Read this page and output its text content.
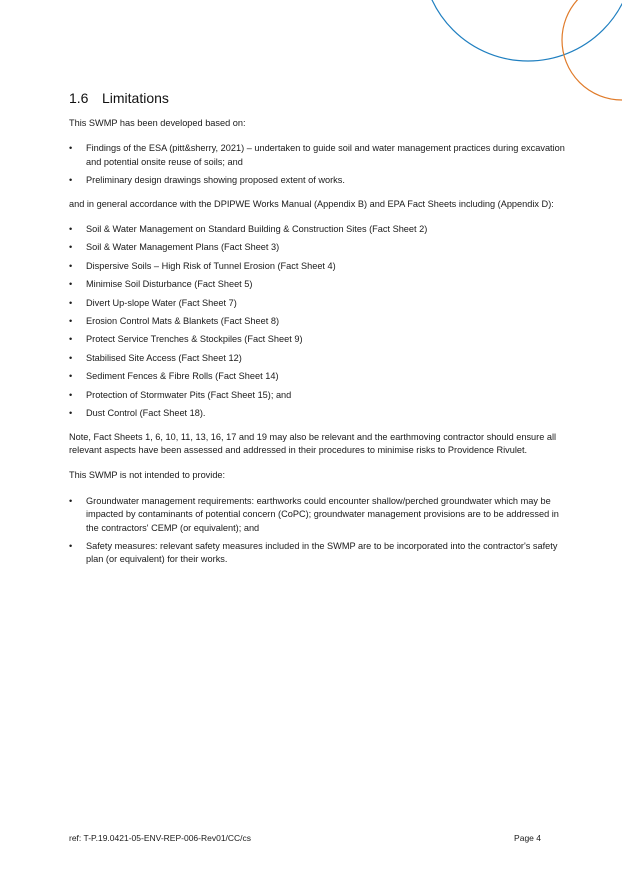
1.6 Limitations

This SWMP has been developed based on:

•	Findings of the ESA (pitt&sherry, 2021) – undertaken to guide soil and water management practices during excavation and potential onsite reuse of soils; and
•	Preliminary design drawings showing proposed extent of works.

and in general accordance with the DPIPWE Works Manual (Appendix B) and EPA Fact Sheets including (Appendix D):

•	Soil & Water Management on Standard Building & Construction Sites (Fact Sheet 2)
•	Soil & Water Management Plans (Fact Sheet 3)
•	Dispersive Soils – High Risk of Tunnel Erosion (Fact Sheet 4)
•	Minimise Soil Disturbance (Fact Sheet 5)
•	Divert Up-slope Water (Fact Sheet 7)
•	Erosion Control Mats & Blankets (Fact Sheet 8)
•	Protect Service Trenches & Stockpiles (Fact Sheet 9)
•	Stabilised Site Access (Fact Sheet 12)
•	Sediment Fences & Fibre Rolls (Fact Sheet 14)
•	Protection of Stormwater Pits (Fact Sheet 15); and
•	Dust Control (Fact Sheet 18).

Note, Fact Sheets 1, 6, 10, 11, 13, 16, 17 and 19 may also be relevant and the earthmoving contractor should ensure all relevant aspects have been assessed and addressed in their procedures to minimise risks to Providence Rivulet.

This SWMP is not intended to provide:

•	Groundwater management requirements: earthworks could encounter shallow/perched groundwater which may be impacted by contaminants of potential concern (CoPC); groundwater management provisions are to be addressed in the contractors' CEMP (or equivalent); and
•	Safety measures: relevant safety measures included in the SWMP are to be incorporated into the contractor's safety plan (or equivalent) for their works.
ref: T-P.19.0421-05-ENV-REP-006-Rev01/CC/cs	Page 4
